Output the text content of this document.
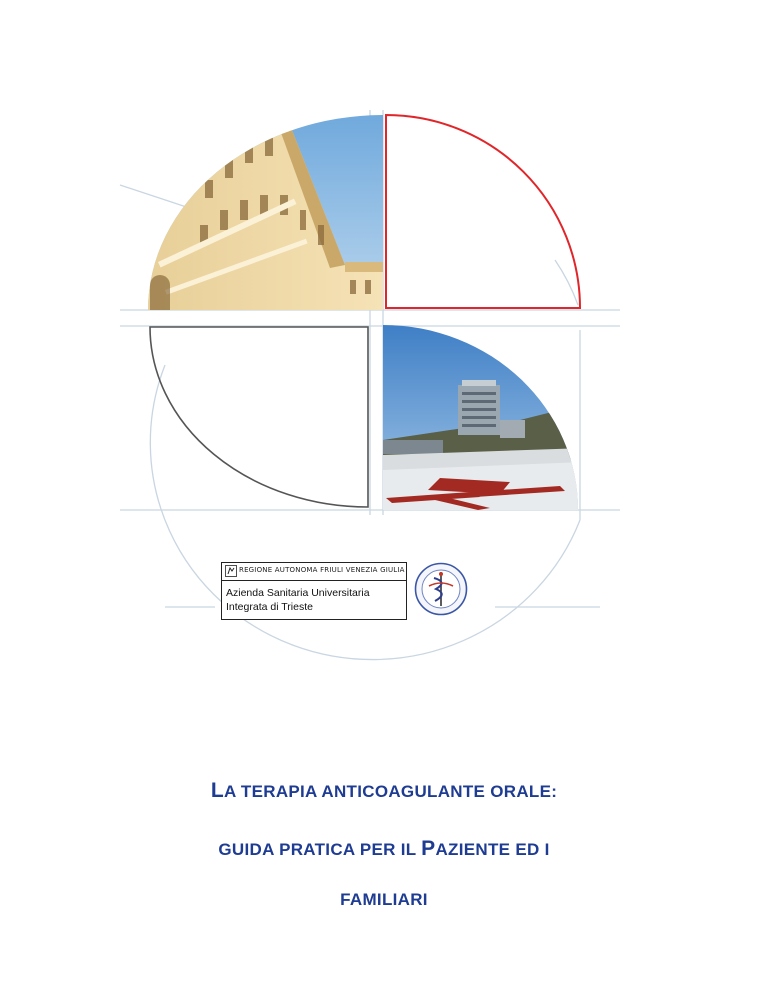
REGIONE AUTONOMA FRIULI VENEZIA GIULIA
Azienda Sanitaria Universitaria
Integrata di Trieste
LA TERAPIA ANTICOAGULANTE ORALE:
GUIDA PRATICA PER IL PAZIENTE ED I
FAMILIARI
